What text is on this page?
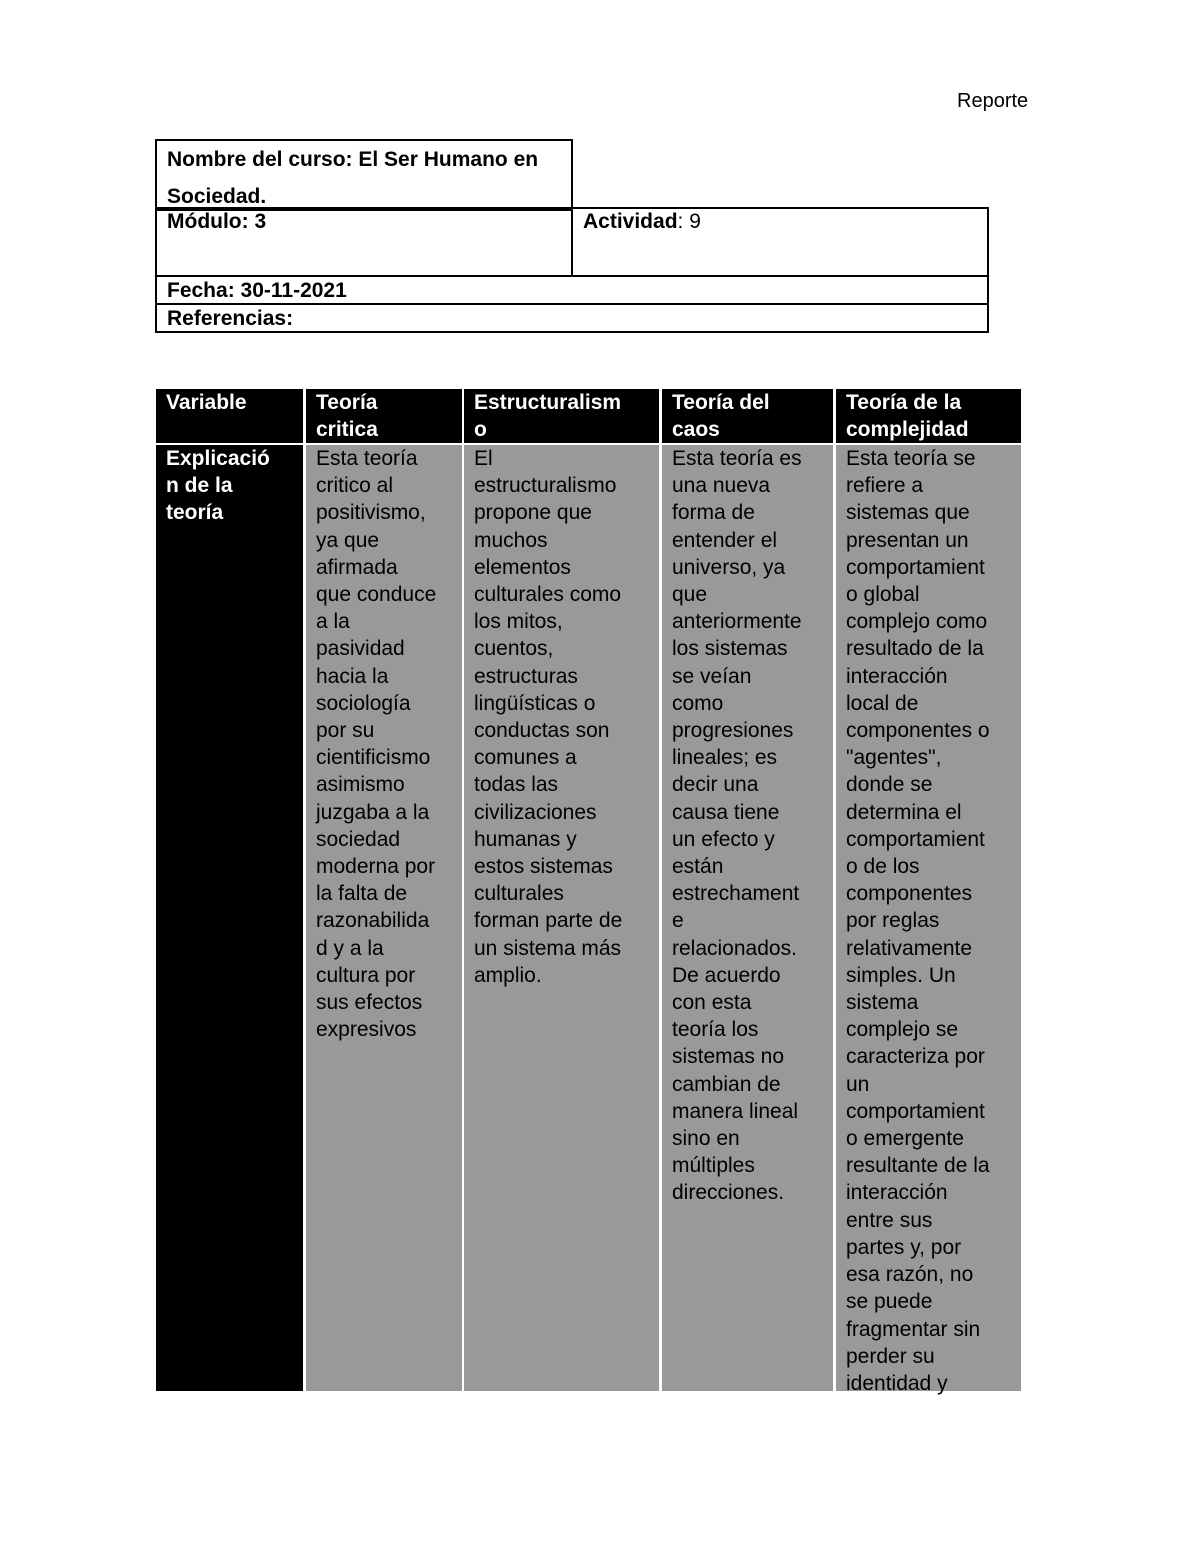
Reporte
Nombre del curso: El Ser Humano en Sociedad.
Módulo: 3	Actividad: 9
Fecha: 30-11-2021
Referencias:
Variable	Teoría
critica
Estructuralism
o
Teoría del
caos
Teoría de la
complejidad
Explicació
n de la
teoría
Esta teoría
critico al
positivismo,
ya que
afirmada
que conduce
a la
pasividad
hacia la
sociología
por su
cientificismo
asimismo
juzgaba a la
sociedad
moderna por
la falta de
razonabilida
d y a la
cultura por
sus efectos
expresivos
El
estructuralismo
propone que
muchos
elementos
culturales como
los mitos,
cuentos,
estructuras
lingüísticas o
conductas son
comunes a
todas las
civilizaciones
humanas y
estos sistemas
culturales
forman parte de
un sistema más
amplio.
Esta teoría es
una nueva
forma de
entender el
universo, ya
que
anteriormente
los sistemas
se veían
como
progresiones
lineales; es
decir una
causa tiene
un efecto y
están
estrechament
e
relacionados.
De acuerdo
con esta
teoría los
sistemas no
cambian de
manera lineal
sino en
múltiples
direcciones.
Esta teoría se
refiere a
sistemas que
presentan un
comportamient
o global
complejo como
resultado de la
interacción
local de
componentes o
"agentes",
donde se
determina el
comportamient
o de los
componentes
por reglas
relativamente
simples. Un
sistema
complejo se
caracteriza por
un
comportamient
o emergente
resultante de la
interacción
entre sus
partes y, por
esa razón, no
se puede
fragmentar sin
perder su
identidad y
